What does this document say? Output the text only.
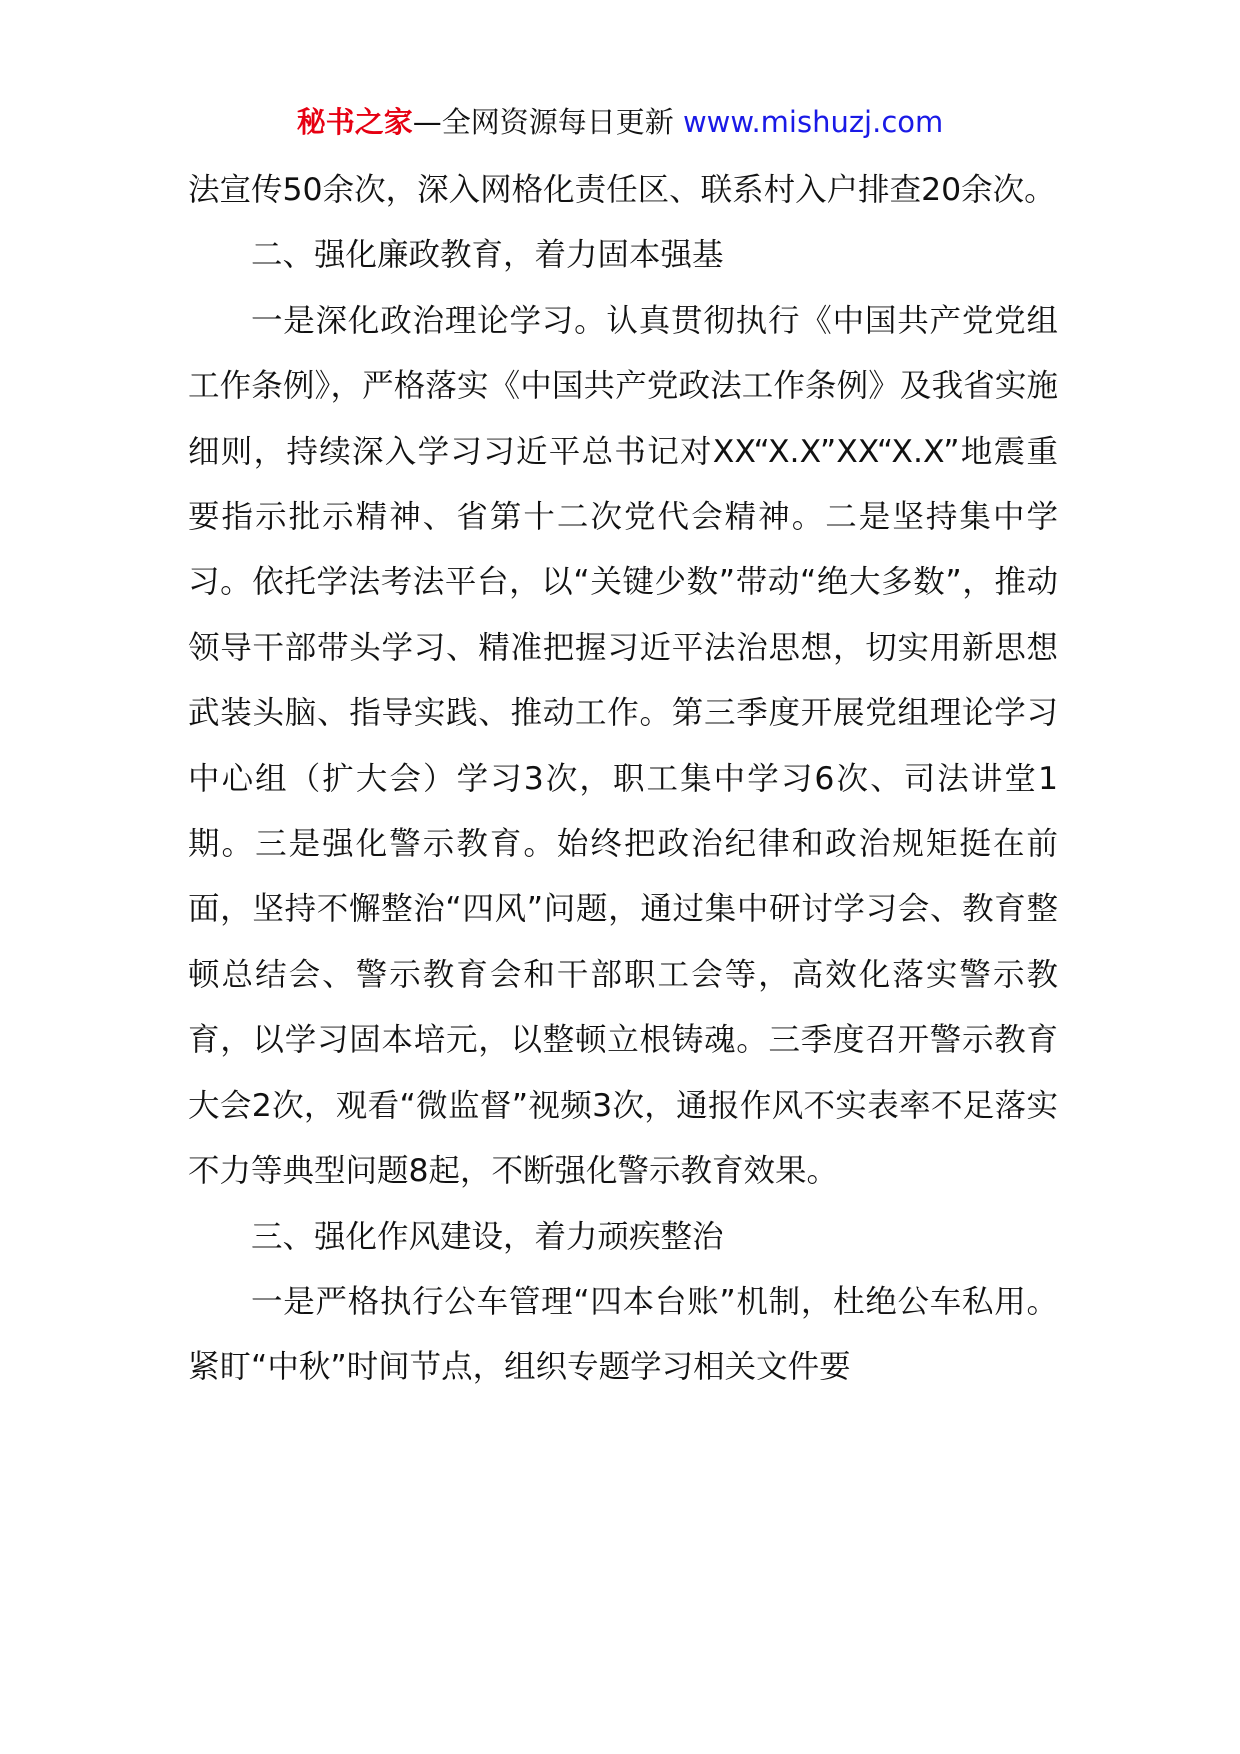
秘书之家—全网资源每日更新 www.mishuzj.com

法宣传50余次，深入网格化责任区、联系村入户排查20余次。

二、强化廉政教育，着力固本强基

一是深化政治理论学习。认真贯彻执行《中国共产党党组工作条例》，严格落实《中国共产党政法工作条例》及我省实施细则，持续深入学习习近平总书记对XX“X.X”XX“X.X”地震重要指示批示精神、省第十二次党代会精神。二是坚持集中学习。依托学法考法平台，以“关键少数”带动“绝大多数”，推动领导干部带头学习、精准把握习近平法治思想，切实用新思想武装头脑、指导实践、推动工作。第三季度开展党组理论学习中心组（扩大会）学习3次，职工集中学习6次、司法讲堂1期。三是强化警示教育。始终把政治纪律和政治规矩挺在前面，坚持不懈整治“四风”问题，通过集中研讨学习会、教育整顿总结会、警示教育会和干部职工会等，高效化落实警示教育，以学习固本培元，以整顿立根铸魂。三季度召开警示教育大会2次，观看“微监督”视频3次，通报作风不实表率不足落实不力等典型问题8起，不断强化警示教育效果。

三、强化作风建设，着力顽疾整治

一是严格执行公车管理“四本台账”机制，杜绝公车私用。紧盯“中秋”时间节点，组织专题学习相关文件要
